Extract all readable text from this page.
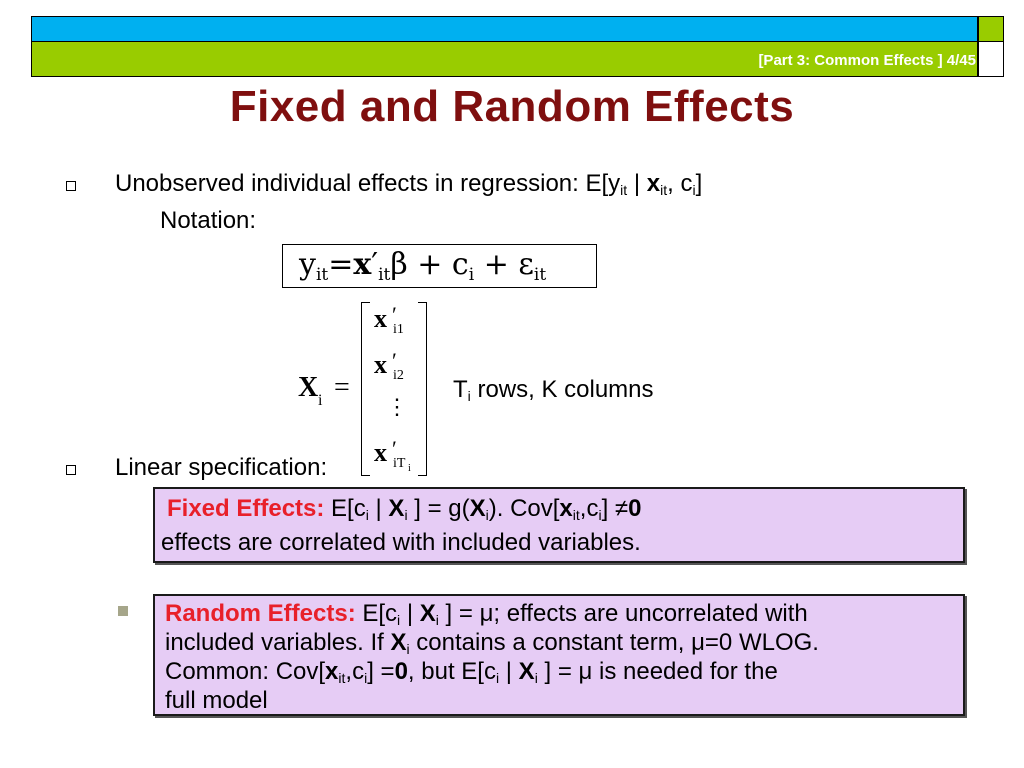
[Part 3: Common Effects ] 4/45
Fixed and Random Effects
Unobserved individual effects in regression: $E[y_{it}$ | $x_{it}$, $c_i$]
Notation:
$y_{it}=x'_{it}\beta + c_i + \varepsilon_{it}$
X i =
x ′
i1
x ′
i2
⋮
x ′
iT i
$T_i$ rows, K columns
Linear specification:
Fixed Effects: $E[c_i$ | $X_i$ ] = $g(X_i)$. $Cov[x_{it},c_i] \ne 0$
effects are correlated with included variables.
Random Effects: $E[c_i$ | $X_i$ ] = μ; effects are uncorrelated with
included variables. If $X_i$ contains a constant term, μ=0 WLOG.
Common: $Cov[x_{it},c_i] =0$, but $E[c_i$ | $X_i$ ] = μ is needed for the
full model
